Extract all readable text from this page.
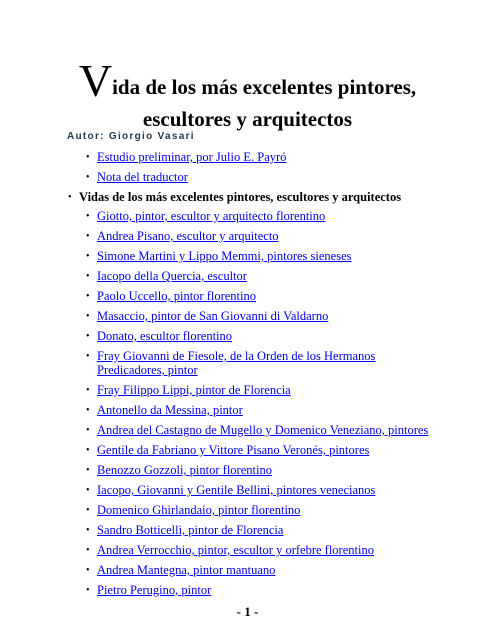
Vida de los más excelentes pintores,
escultores y arquitectos
Autor: Giorgio Vasari
• Estudio preliminar, por Julio E. Payró
• Nota del traductor
• Vidas de los más excelentes pintores, escultores y arquitectos
• Giotto, pintor, escultor y arquitecto florentino
• Andrea Pisano, escultor y arquitecto
• Simone Martini y Lippo Memmi, pintores sieneses
• Iacopo della Quercia, escultor
• Paolo Uccello, pintor florentino
• Masaccio, pintor de San Giovanni di Valdarno
• Donato, escultor florentino
• Fray Giovanni de Fiesole, de la Orden de los Hermanos Predicadores, pintor
• Fray Filippo Lippi, pintor de Florencia
• Antonello da Messina, pintor
• Andrea del Castagno de Mugello y Domenico Veneziano, pintores
• Gentile da Fabriano y Vittore Pisano Veronés, pintores
• Benozzo Gozzoli, pintor florentino
• Iacopo, Giovanni y Gentile Bellini, pintores venecianos
• Domenico Ghirlandaio, pintor florentino
• Sandro Botticelli, pintor de Florencia
• Andrea Verrocchio, pintor, escultor y orfebre florentino
• Andrea Mantegna, pintor mantuano
• Pietro Perugino, pintor
- 1 -
